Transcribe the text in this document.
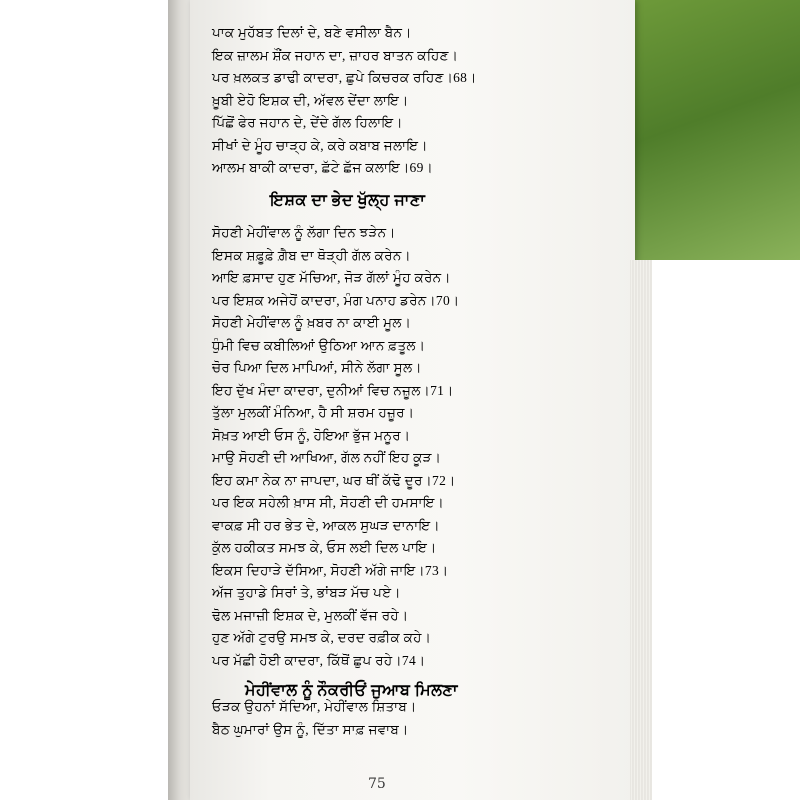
ਪਾਕ ਮੁਹੱਬਤ ਦਿਲਾਂ ਦੇ, ਬਣੇ ਵਸੀਲਾ ਬੈਨ।
ਇਕ ਜ਼ਾਲਮ ਸ਼ੌਂਕ ਜਹਾਨ ਦਾ, ਜ਼ਾਹਰ ਬਾਤਨ ਕਹਿਣ।
ਪਰ ਖ਼ਲਕਤ ਡਾਢੀ ਕਾਦਰਾ, ਛੁਪੇ ਕਿਚਰਕ ਰਹਿਣ।68।
ਖ਼ੂਬੀ ਏਹੋ ਇਸ਼ਕ ਦੀ, ਅੱਵਲ ਦੇਂਦਾ ਲਾਇ।
ਪਿੱਛੋਂ ਫੇਰ ਜਹਾਨ ਦੇ, ਦੇਂਦੇ ਗੱਲ ਹਿਲਾਇ।
ਸੀਖਾਂ ਦੇ ਮੂੰਹ ਚਾੜ੍ਹ ਕੇ, ਕਰੇ ਕਬਾਬ ਜਲਾਇ।
ਆਲਮ ਬਾਕੀ ਕਾਦਰਾ, ਛੱਟੇ ਛੱਜ ਕਲਾਇ।69।
ਇਸ਼ਕ ਦਾ ਭੇਦ ਖੁੱਲ੍ਹ ਜਾਣਾ
ਸੋਹਣੀ ਮੇਹੀਂਵਾਲ ਨੂੰ ਲੱਗਾ ਦਿਨ ਝੜੇਨ।
ਇਸਕ ਸ਼ਫ਼ੂਫ਼ੇ ਗ਼ੈਬ ਦਾ ਥੋੜ੍ਹੀ ਗੱਲ ਕਰੇਨ।
ਆਇ ਫ਼ਸਾਦ ਹੁਣ ਮੱਚਿਆ, ਜੋੜ ਗੱਲਾਂ ਮੂੰਹ ਕਰੇਨ।
ਪਰ ਇਸ਼ਕ ਅਜੇਹੋਂ ਕਾਦਰਾ, ਮੰਗ ਪਨਾਹ ਡਰੇਨ।70।
ਸੋਹਣੀ ਮੇਹੀਂਵਾਲ ਨੂੰ ਖ਼ਬਰ ਨਾ ਕਾਈ ਮੂਲ।
ਧੁੰਮੀ ਵਿਚ ਕਬੀਲਿਆਂ ਉਠਿਆ ਆਨ ਫ਼ਤੂਲ।
ਚੋਰ ਪਿਆ ਦਿਲ ਮਾਪਿਆਂ, ਸੀਨੇ ਲੱਗਾ ਸੂਲ।
ਇਹ ਦੁੱਖ ਮੰਦਾ ਕਾਦਰਾ, ਦੁਨੀਆਂ ਵਿਚ ਨਜ਼ੂਲ।71।
ਤੁੱਲਾ ਮੁਲਕੀਂ ਮੰਨਿਆ, ਹੈ ਸੀ ਸ਼ਰਮ ਹਜ਼ੂਰ।
ਸੋਖ਼ਤ ਆਈ ਓਸ ਨੂੰ, ਹੋਇਆ ਭੁੱਜ ਮਨੂਰ।
ਮਾਉ ਸੋਹਣੀ ਦੀ ਆਖਿਆ, ਗੱਲ ਨਹੀਂ ਇਹ ਕੂੜ।
ਇਹ ਕਮਾ ਨੇਕ ਨਾ ਜਾਪਦਾ, ਘਰ ਥੀਂ ਕੱਢੋ ਦੂਰ।72।
ਪਰ ਇਕ ਸਹੇਲੀ ਖ਼ਾਸ ਸੀ, ਸੋਹਣੀ ਦੀ ਹਮਸਾਇ।
ਵਾਕਫ਼ ਸੀ ਹਰ ਭੇਤ ਦੇ, ਆਕਲ ਸੁਘੜ ਦਾਨਾਇ।
ਕੁੱਲ ਹਕੀਕਤ ਸਮਝ ਕੇ, ਓਸ ਲਈ ਦਿਲ ਪਾਇ।
ਇਕਸ ਦਿਹਾੜੇ ਦੱਸਿਆ, ਸੋਹਣੀ ਅੱਗੇ ਜਾਇ।73।
ਅੱਜ ਤੁਹਾਡੇ ਸਿਰਾਂ ਤੇ, ਭਾਂਬੜ ਮੱਚ ਪਏ।
ਢੋਲ ਮਜਾਜ਼ੀ ਇਸ਼ਕ ਦੇ, ਮੁਲਕੀਂ ਵੱਜ ਰਹੇ।
ਹੁਣ ਅੱਗੇ ਟੁਰਉ ਸਮਝ ਕੇ, ਦਰਦ ਰਫ਼ੀਕ ਕਹੇ।
ਪਰ ਮੱਛੀ ਹੋਈ ਕਾਦਰਾ, ਕਿੱਥੋਂ ਛੁਪ ਰਹੇ।74।
ਮੇਹੀਂਵਾਲ ਨੂੰ ਨੌਕਰੀਓਂ ਜੁਆਬ ਮਿਲਣਾ
ਓੜਕ ਉਹਨਾਂ ਸੱਦਿਆ, ਮੇਹੀਂਵਾਲ ਸ਼ਿਤਾਬ।
ਬੈਠ ਘੁਮਾਰਾਂ ਉਸ ਨੂੰ, ਦਿੱਤਾ ਸਾਫ਼ ਜਵਾਬ।
75
